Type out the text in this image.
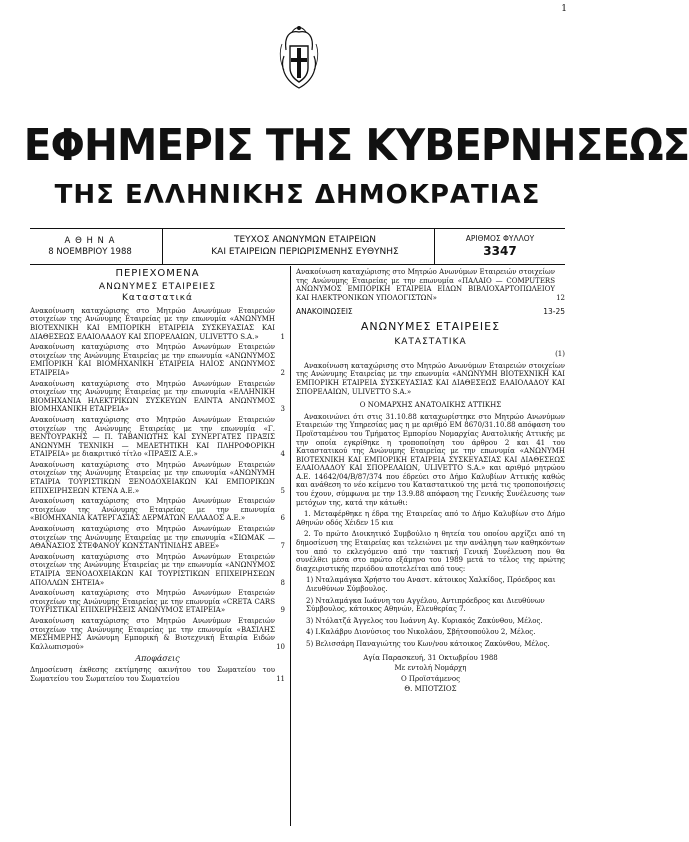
1
ΕΦΗΜΕΡΙΣ ΤΗΣ ΚΥΒΕΡΝΗΣΕΩΣ
ΤΗΣ ΕΛΛΗΝΙΚΗΣ ΔΗΜΟΚΡΑΤΙΑΣ
Α Θ Η Ν Α
8 ΝΟΕΜΒΡΙΟΥ 1988
ΤΕΥΧΟΣ ΑΝΩΝΥΜΩΝ ΕΤΑΙΡΕΙΩΝ
ΚΑΙ ΕΤΑΙΡΕΙΩΝ ΠΕΡΙΩΡΙΣΜΕΝΗΣ ΕΥΘΥΝΗΣ
ΑΡΙΘΜΟΣ ΦΥΛΛΟΥ
3347
ΠΕΡΙΕΧΟΜΕΝΑ
ΑΝΩΝΥΜΕΣ ΕΤΑΙΡΕΙΕΣ
Καταστατικά
Ανακοίνωση καταχώρισης στο Μητρώο Ανωνύμων Εταιρειών στοιχείων της Ανώνυμης Εταιρείας με την επωνυμία «ΑΝΩΝΥΜΗ ΒΙΟΤΕΧΝΙΚΗ ΚΑΙ ΕΜΠΟΡΙΚΗ ΕΤΑΙΡΕΙΑ ΣΥΣΚΕΥΑΣΙΑΣ ΚΑΙ ΔΙΑΘΕΣΕΩΣ ΕΛΑΙΟΛΑΔΟΥ ΚΑΙ ΣΠΟΡΕΛΑΙΩΝ, ULIVETTO S.A.»	1
Ανακοίνωση καταχώρισης στο Μητρώο Ανωνύμων Εταιρειών στοιχείων της Ανώνυμης Εταιρείας με την επωνυμία «ΑΝΩΝΥΜΟΣ ΕΜΠΟΡΙΚΗ ΚΑΙ ΒΙΟΜΗΧΑΝΙΚΗ ΕΤΑΙΡΕΙΑ ΗΛΙΟΣ ΑΝΩΝΥΜΟΣ ΕΤΑΙΡΕΙΑ»	2
Ανακοίνωση καταχώρισης στο Μητρώο Ανωνύμων Εταιρειών στοιχείων της Ανώνυμης Εταιρείας με την επωνυμία «ΕΛΛΗΝΙΚΗ ΒΙΟΜΗΧΑΝΙΑ ΗΛΕΚΤΡΙΚΩΝ ΣΥΣΚΕΥΩΝ ΕΛΙΝΤΑ ΑΝΩΝΥΜΟΣ ΒΙΟΜΗΧΑΝΙΚΗ ΕΤΑΙΡΕΙΑ»	3
Ανακοίνωση καταχώρισης στο Μητρώο Ανωνύμων Εταιρειών στοιχείων της Ανώνυμης Εταιρείας με την επωνυμία «Γ. ΒΕΝΤΟΥΡΑΚΗΣ — Π. ΤΑΒΑΝΙΩΤΗΣ ΚΑΙ ΣΥΝΕΡΓΑΤΕΣ ΠΡΑΞΙΣ ΑΝΩΝΥΜΗ ΤΕΧΝΙΚΗ — ΜΕΛΕΤΗΤΙΚΗ ΚΑΙ ΠΛΗΡΟΦΟΡΙΚΗ ΕΤΑΙΡΕΙΑ» με διακριτικό τίτλο «ΠΡΑΞΙΣ Α.Ε.»	4
Ανακοίνωση καταχώρισης στο Μητρώο Ανωνύμων Εταιρειών στοιχείων της Ανώνυμης Εταιρείας με την επωνυμία «ΑΝΩΝΥΜΗ ΕΤΑΙΡΙΑ ΤΟΥΡΙΣΤΙΚΩΝ ΞΕΝΟΔΟΧΕΙΑΚΩΝ ΚΑΙ ΕΜΠΟΡΙΚΩΝ ΕΠΙΧΕΙΡΗΣΕΩΝ ΚΤΕΝΑ Α.Ε.»	5
Ανακοίνωση καταχώρισης στο Μητρώο Ανωνύμων Εταιρειών στοιχείων της Ανώνυμης Εταιρείας με την επωνυμία «ΒΙΟΜΗΧΑΝΙΑ ΚΑΤΕΡΓΑΣΙΑΣ ΔΕΡΜΑΤΩΝ ΕΛΛΑΔΟΣ Α.Ε.»	6
Ανακοίνωση καταχώρισης στο Μητρώο Ανωνύμων Εταιρειών στοιχείων της Ανώνυμης Εταιρείας με την επωνυμία «ΣΙΩΜΑΚ — ΑΘΑΝΑΣΙΟΣ ΣΤΕΦΑΝΟΥ ΚΩΝΣΤΑΝΤΙΝΙΔΗΣ ΑΒΕΕ»	7
Ανακοίνωση καταχώρισης στο Μητρώο Ανωνύμων Εταιρειών στοιχείων της Ανώνυμης Εταιρείας με την επωνυμία «ΑΝΩΝΥΜΟΣ ΕΤΑΙΡΙΑ ΞΕΝΟΔΟΧΕΙΑΚΩΝ ΚΑΙ ΤΟΥΡΙΣΤΙΚΩΝ ΕΠΙΧΕΙΡΗΣΕΩΝ ΑΠΟΛΛΩΝ ΣΗΤΕΙΑ»	8
Ανακοίνωση καταχώρισης στο Μητρώο Ανωνύμων Εταιρειών στοιχείων της Ανώνυμης Εταιρείας με την επωνυμία «CRETA CARS ΤΟΥΡΙΣΤΙΚΑΙ ΕΠΙΧΕΙΡΗΣΕΙΣ ΑΝΩΝΥΜΟΣ ΕΤΑΙΡΕΙΑ»	9
Ανακοίνωση καταχώρισης στο Μητρώο Ανωνύμων Εταιρειών στοιχείων της Ανώνυμης Εταιρείας με την επωνυμία «ΒΑΣΙΛΗΣ ΜΕΣΗΜΕΡΗΣ Ανώνυμη Εμπορική & Βιοτεχνική Εταιρία Ειδών Καλλωπισμού»	10
Αποφάσεις
Δημοσίευση έκθεσης εκτίμησης ακινήτου του Σωματείου του Σωματείου του Σωματείου του Σωματείου	11
Ανακοίνωση καταχώρισης στο Μητρώο Ανωνύμων Εταιρειών στοιχείων της Ανώνυμης Εταιρείας με την επωνυμία «ΠΑΛΑΙΟ — COMPUTERS ΑΝΩΝΥΜΟΣ ΕΜΠΟΡΙΚΗ ΕΤΑΙΡΕΙΑ ΕΙΔΩΝ ΒΙΒΛΙΟΧΑΡΤΟΠΩΛΕΙΟΥ ΚΑΙ ΗΛΕΚΤΡΟΝΙΚΩΝ ΥΠΟΛΟΓΙΣΤΩΝ»	12
ΑΝΑΚΟΙΝΩΣΕΙΣ	13-25
ΑΝΩΝΥΜΕΣ ΕΤΑΙΡΕΙΕΣ
ΚΑΤΑΣΤΑΤΙΚΑ
(1)
Ανακοίνωση καταχώρισης στο Μητρώο Ανωνύμων Εταιρειών στοιχείων της Ανώνυμης Εταιρείας με την επωνυμία «ΑΝΩΝΥΜΗ ΒΙΟΤΕΧΝΙΚΗ ΚΑΙ ΕΜΠΟΡΙΚΗ ΕΤΑΙΡΕΙΑ ΣΥΣΚΕΥΑΣΙΑΣ ΚΑΙ ΔΙΑΘΕΣΕΩΣ ΕΛΑΙΟΛΑΔΟΥ ΚΑΙ ΣΠΟΡΕΛΑΙΩΝ, ULIVETTO S.A.»
Ο ΝΟΜΑΡΧΗΣ ΑΝΑΤΟΛΙΚΗΣ ΑΤΤΙΚΗΣ
Ανακοινώνει ότι στις 31.10.88 καταχωρίστηκε στο Μητρώο Ανωνύμων Εταιρειών της Υπηρεσίας μας η με αριθμό ΕΜ 8670/31.10.88 απόφαση του Προϊσταμένου του Τμήματος Εμπορίου Νομαρχίας Ανατολικής Αττικής με την οποία εγκρίθηκε η τροποποίηση του άρθρου 2 και 41 του Καταστατικού της Ανώνυμης Εταιρείας με την επωνυμία «ΑΝΩΝΥΜΗ ΒΙΟΤΕΧΝΙΚΗ ΚΑΙ ΕΜΠΟΡΙΚΗ ΕΤΑΙΡΕΙΑ ΣΥΣΚΕΥΑΣΙΑΣ ΚΑΙ ΔΙΑΘΕΣΕΩΣ ΕΛΑΙΟΛΑΔΟΥ ΚΑΙ ΣΠΟΡΕΛΑΙΩΝ, ULIVETTO S.A.» και αριθμό μητρώου Α.Ε. 14642/04/Β/87/374 που έδρεύει στο Δήμο Καλυβίων Αττικής καθώς και ανάθεση το νέο κείμενο του Καταστατικού της μετά τις τροποποιήσεις του έχουν, σύμφωνα με την 13.9.88 απόφαση της Γενικής Συνέλευσης των μετόχων της, κατά την κάτωθι:
1. Μεταφέρθηκε η έδρα της Εταιρείας από το Δήμο Καλυβίων στο Δήμο Αθηνών οδός Χέιδεν 15 κια
2. Το πρώτο Διοικητικό Συμβούλιο η θητεία του οποίου αρχίζει από τη δημοσίευση της Εταιρείας και τελειώνει με την ανάληψη των καθηκόντων του από το εκλεγόμενο από την τακτική Γενική Συνέλευση που θα συνέλθει μέσα στο πρώτο εξάμηνο του 1989 μετά το τέλος της πρώτης διαχειριστικής περιόδου αποτελείται από τους:
1) Νταλαμάγκα Χρήστο του Αναστ. κάτοικος Χαλκίδος, Πρόεδρος και Διευθύνων Σύμβουλος.
2) Νταλαμάγκα Ιωάννη του Αγγέλου, Αντιπρόεδρος και Διευθύνων Σύμβουλος, κάτοικος Αθηνών, Ελευθερίας 7.
3) Ντόλατζά Άγγελος του Ιωάννη Αγ. Κυριακός Ζακύνθου, Μέλος.
4) Ι.Καλάβρυ Διονύσιος του Νικολάου, Σβήτσοπούλου 2, Μέλος.
5) Βελισσάρη Παναγιώτης του Κων/νου κάτοικος Ζακύνθου, Μέλος.
Αγία Παρασκευή, 31 Οκτωβρίου 1988
Με εντολή Νομάρχη
Ο Προϊστάμενος
Θ. ΜΠΟΤΖΙΟΣ
